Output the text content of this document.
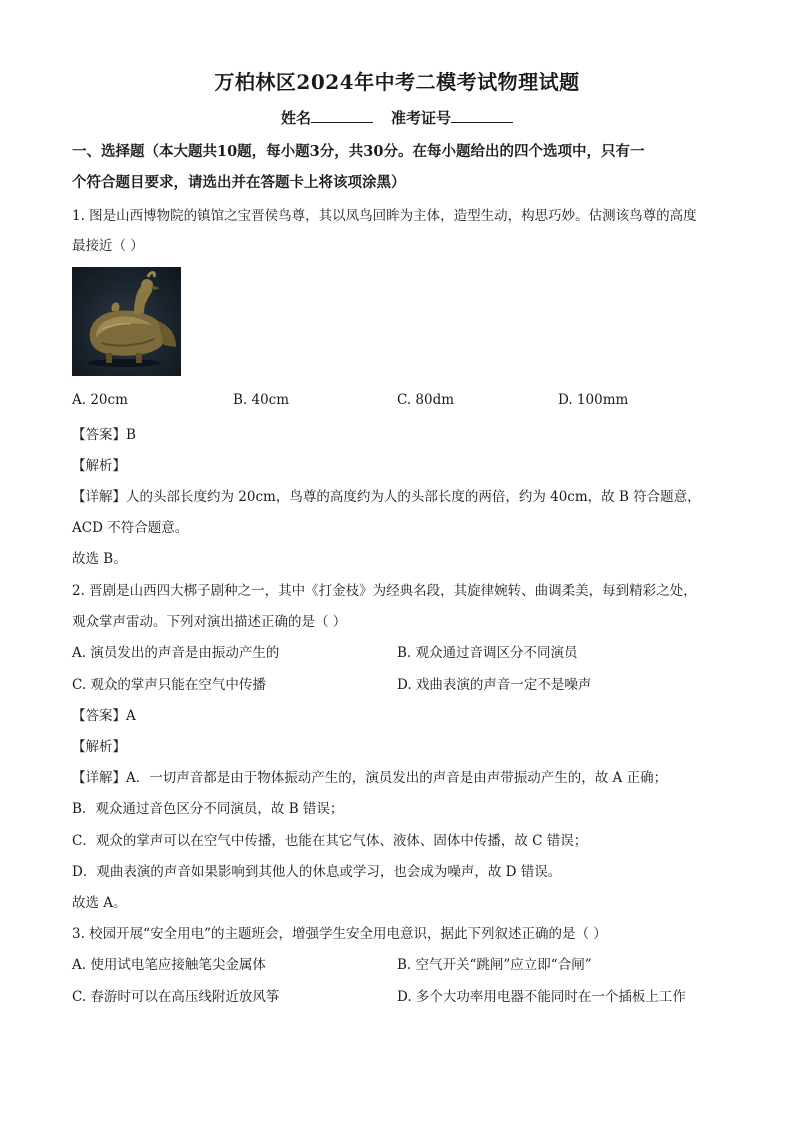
万柏林区2024年中考二模考试物理试题
姓名	准考证号
一、选择题（本大题共10题，每小题3分，共30分。在每小题给出的四个选项中，只有一
个符合题目要求，请选出并在答题卡上将该项涂黑）
1. 图是山西博物院的镇馆之宝晋侯鸟尊，其以凤鸟回眸为主体，造型生动，构思巧妙。估测该鸟尊的高度
最接近（ ）
A. 20cm	B. 40cm	C. 80dm	D. 100mm
【答案】B
【解析】
【详解】人的头部长度约为 20cm，鸟尊的高度约为人的头部长度的两倍，约为 40cm，故 B 符合题意，
ACD 不符合题意。
故选 B。
2. 晋剧是山西四大梆子剧种之一，其中《打金枝》为经典名段，其旋律婉转、曲调柔美，每到精彩之处，
观众掌声雷动。下列对演出描述正确的是（ ）
A. 演员发出的声音是由振动产生的	B. 观众通过音调区分不同演员
C. 观众的掌声只能在空气中传播	D. 戏曲表演的声音一定不是噪声
【答案】A
【解析】
【详解】A．一切声音都是由于物体振动产生的，演员发出的声音是由声带振动产生的，故 A 正确；
B．观众通过音色区分不同演员，故 B 错误；
C．观众的掌声可以在空气中传播，也能在其它气体、液体、固体中传播，故 C 错误；
D．观曲表演的声音如果影响到其他人的休息或学习，也会成为噪声，故 D 错误。
故选 A。
3. 校园开展“安全用电”的主题班会，增强学生安全用电意识，据此下列叙述正确的是（ ）
A. 使用试电笔应接触笔尖金属体	B. 空气开关“跳闸”应立即“合闸”
C. 春游时可以在高压线附近放风筝	D. 多个大功率用电器不能同时在一个插板上工作
